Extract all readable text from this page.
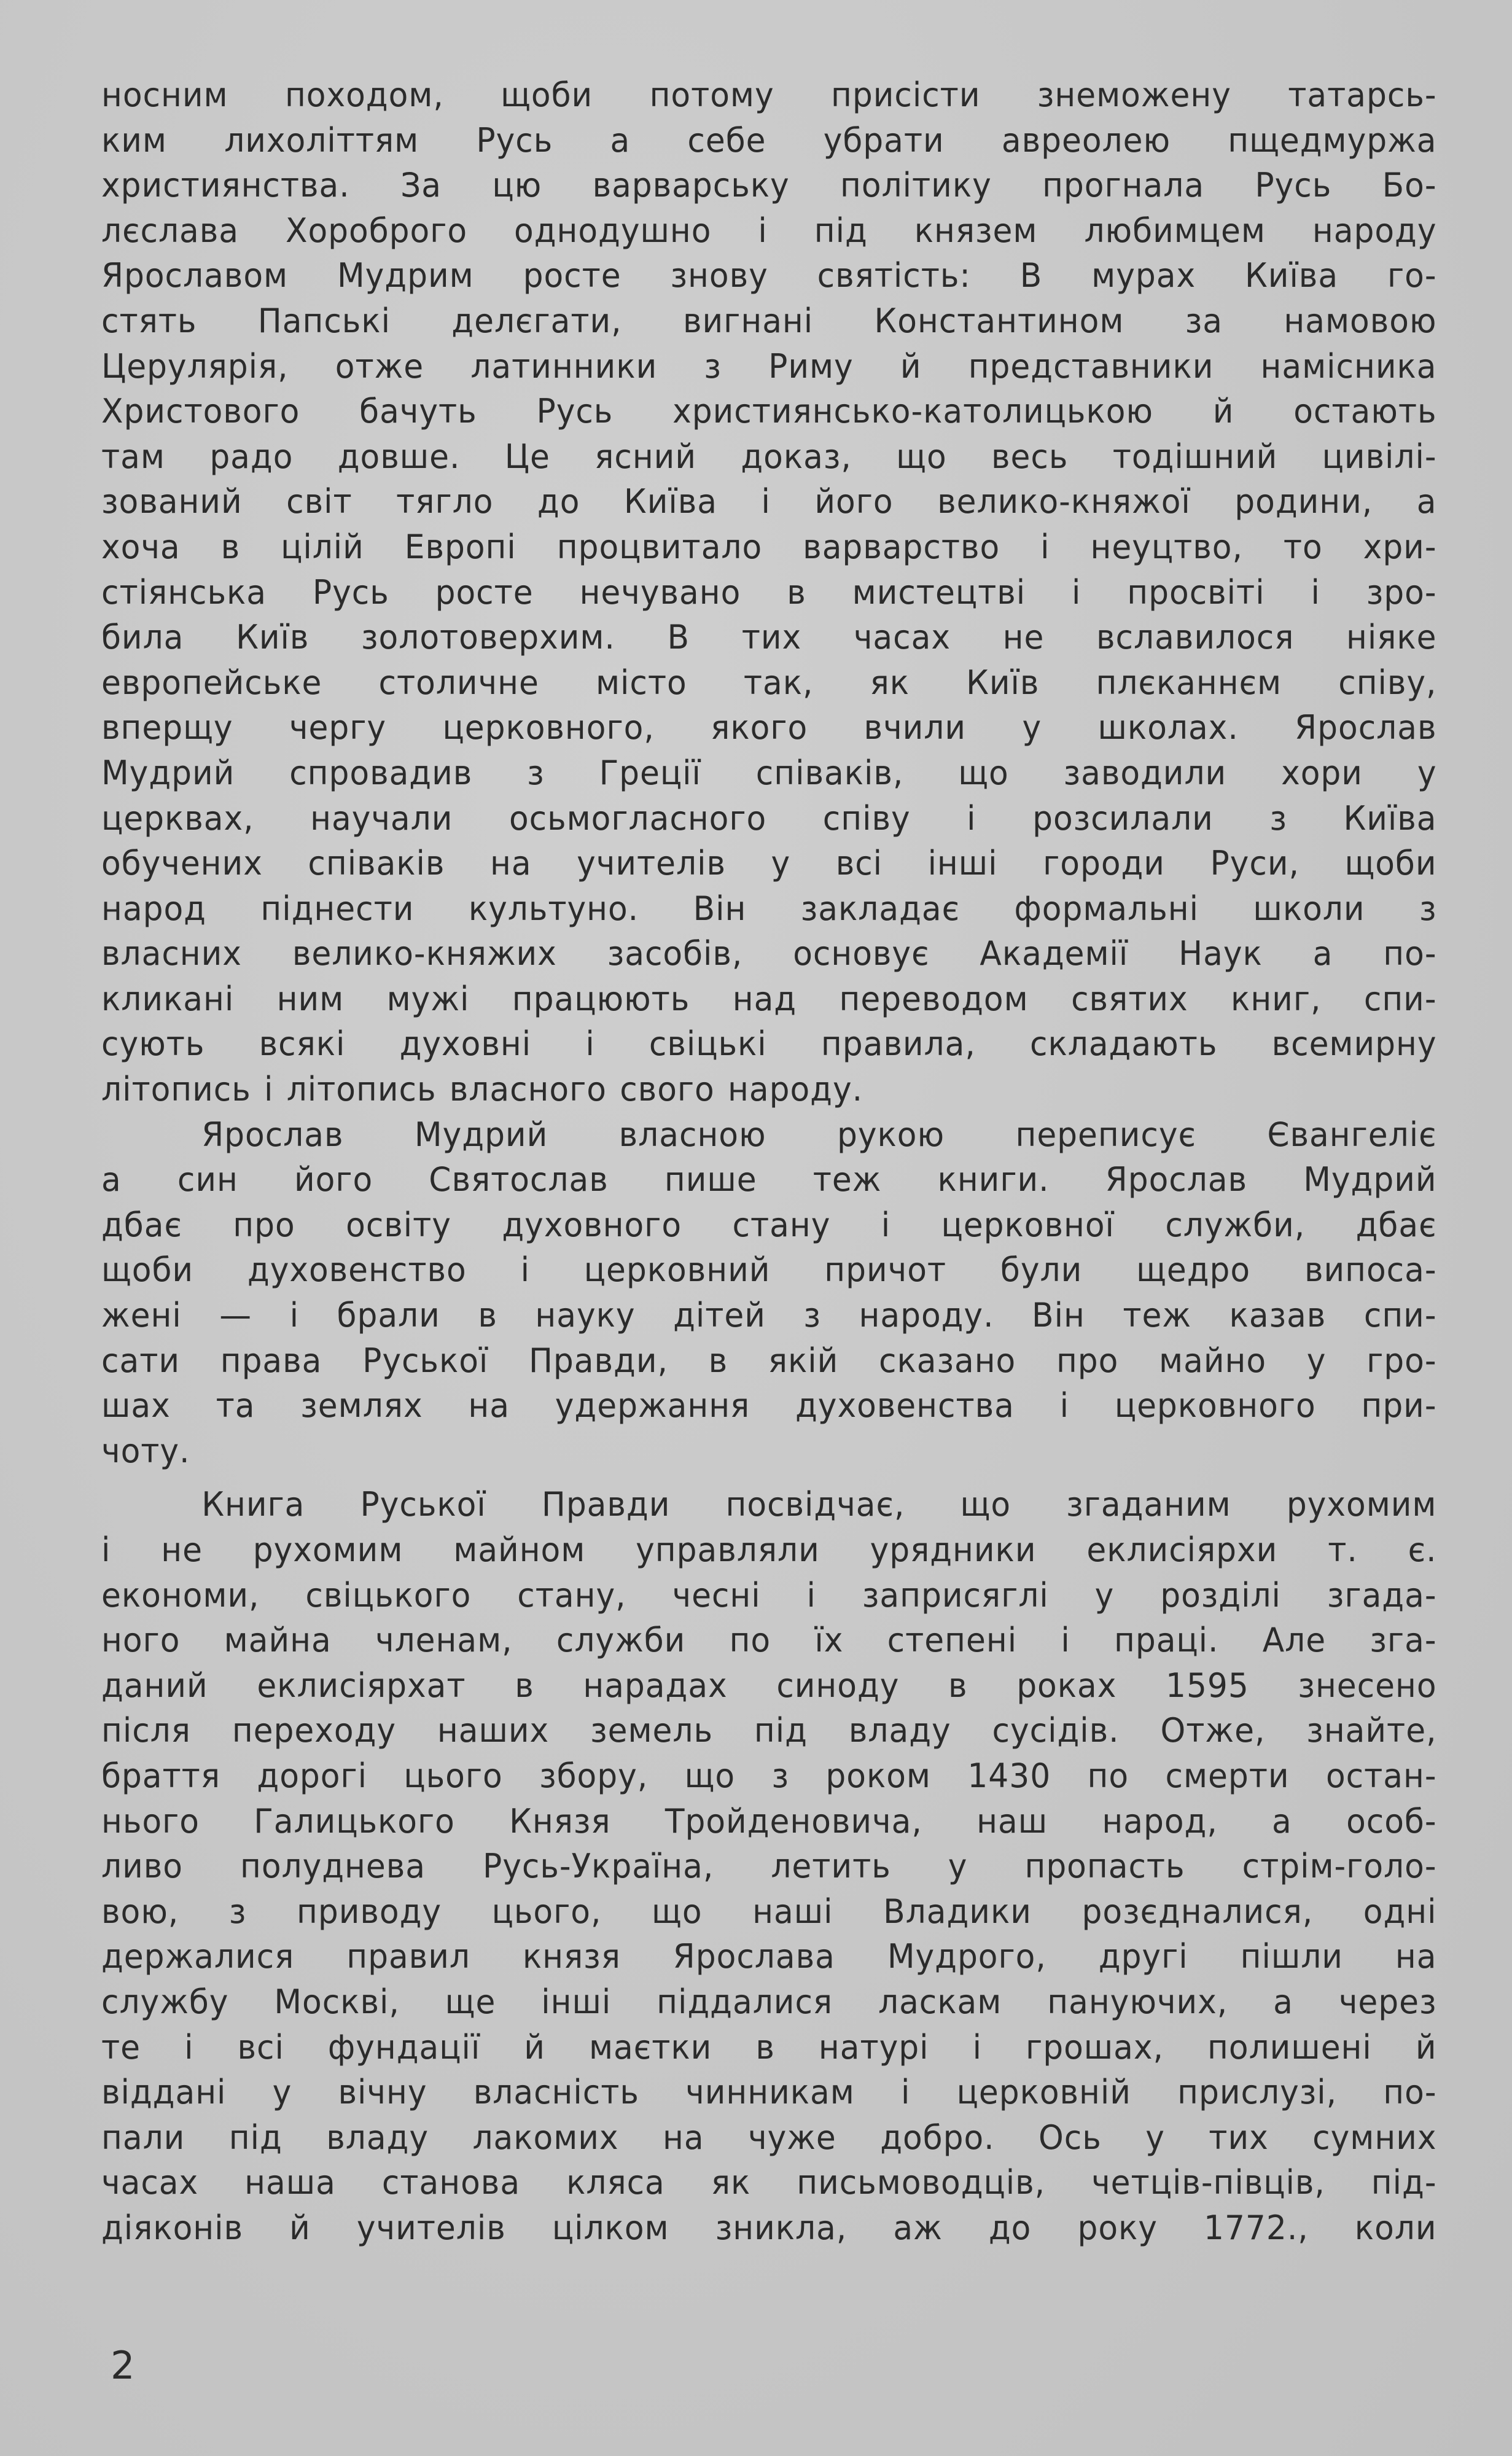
носним походом, щоби потому присісти знеможену татарсь-
ким лихоліттям Русь а себе убрати авреолею пщедмуржа
християнства. За цю варварську політику прогнала Русь Бо-
лєслава Хороброго однодушно і під князем любимцем народу
Ярославом Мудрим росте знову святість: В мурах Київа го-
стять Папські делєгати, вигнані Константином за намовою
Церулярія, отже латинники з Риму й представники намісника
Христового бачуть Русь християнсько-католицькою й остають
там радо довше. Це ясний доказ, що весь тодішний цивілі-
зований світ тягло до Київа і його велико-княжої родини, а
хоча в цілій Европі процвитало варварство і неуцтво, то хри-
стіянська Русь росте нечувано в мистецтві і просвіті і зро-
била Київ золотоверхим. В тих часах не вславилося ніяке
европейське столичне місто так, як Київ плєканнєм співу,
вперщу чергу церковного, якого вчили у школах. Ярослав
Мудрий спровадив з Греції співаків, що заводили хори у
церквах, научали осьмогласного співу і розсилали з Київа
обучених співаків на учителів у всі інші городи Руси, щоби
народ піднести культуно. Він закладає формальні школи з
власних велико-княжих засобів, основує Академії Наук а по-
кликані ним мужі працюють над переводом святих книг, спи-
сують всякі духовні і свіцькі правила, складають всемирну
літопись і літопись власного свого народу.
Ярослав Мудрий власною рукою переписує Євангеліє
а син його Святослав пише теж книги. Ярослав Мудрий
дбає про освіту духовного стану і церковної служби, дбає
щоби духовенство і церковний причот були щедро випоса-
жені — і брали в науку дітей з народу. Він теж казав спи-
сати права Руської Правди, в якій сказано про майно у гро-
шах та землях на удержання духовенства і церковного при-
чоту.
Книга Руської Правди посвідчає, що згаданим рухомим
і не рухомим майном управляли урядники еклисіярхи т. є.
економи, свіцького стану, чесні і заприсяглі у розділі згада-
ного майна членам, служби по їх степені і праці. Але зга-
даний еклисіярхат в нарадах синоду в роках 1595 знесено
після переходу наших земель під владу сусідів. Отже, знайте,
браття дорогі цього збору, що з роком 1430 по смерти остан-
нього Галицького Князя Тройденовича, наш народ, а особ-
ливо полуднева Русь-Україна, летить у пропасть стрім-голо-
вою, з приводу цього, що наші Владики розєдналися, одні
держалися правил князя Ярослава Мудрого, другі пішли на
службу Москві, ще інші піддалися ласкам пануючих, а через
те і всі фундації й маєтки в натурі і грошах, полишені й
віддані у вічну власність чинникам і церковній прислузі, по-
пали під владу лакомих на чуже добро. Ось у тих сумних
часах наша станова кляса як письмоводців, четців-півців, під-
діяконів й учителів цілком зникла, аж до року 1772., коли
2
